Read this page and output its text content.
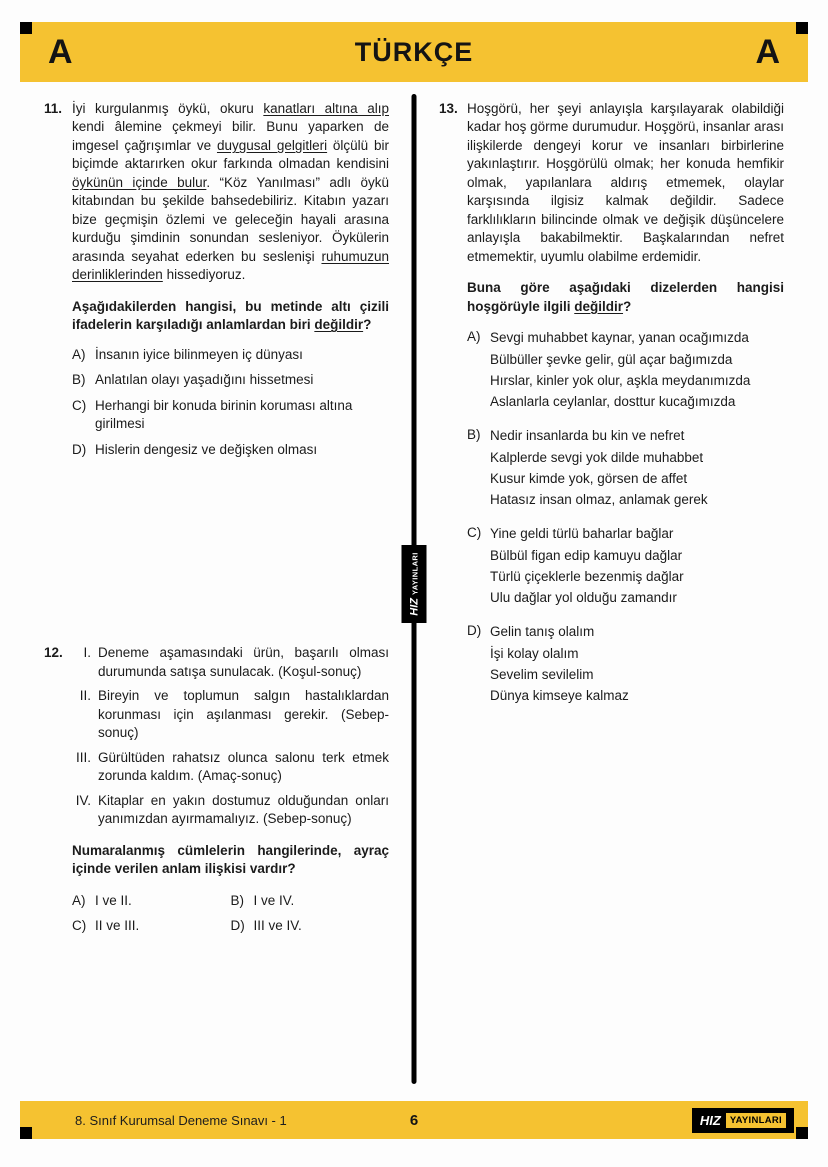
TÜRKÇE
A	A
11. İyi kurgulanmış öykü, okuru kanatları altına alıp kendi âlemine çekmeyi bilir. Bunu yaparken de imgesel çağrışımlar ve duygusal gelgitleri ölçülü bir biçimde aktarırken okur farkında olmadan kendisini öykünün içinde bulur. “Köz Yanılması” adlı öykü kitabından bu şekilde bahsedebiliriz. Kitabın yazarı bize geçmişin özlemi ve geleceğin hayali arasına kurduğu şimdinin sonundan sesleniyor. Öykülerin arasında seyahat ederken bu seslenişi ruhumuzun derinliklerinden hissediyoruz.

Aşağıdakilerden hangisi, bu metinde altı çizili ifadelerin karşıladığı anlamlardan biri değildir?

A) İnsanın iyice bilinmeyen iç dünyası
B) Anlatılan olayı yaşadığını hissetmesi
C) Herhangi bir konuda birinin koruması altına girilmesi
D) Hislerin dengesiz ve değişken olması
12.	I. Deneme aşamasındaki ürün, başarılı olması durumunda satışa sunulacak. (Koşul-sonuç)
II. Bireyin ve toplumun salgın hastalıklardan korunması için aşılanması gerekir. (Sebep-sonuç)
III. Gürültüden rahatsız olunca salonu terk etmek zorunda kaldım. (Amaç-sonuç)
IV. Kitaplar en yakın dostumuz olduğundan onları yanımızdan ayırmamalıyız. (Sebep-sonuç)

Numaralanmış cümlelerin hangilerinde, ayraç içinde verilen anlam ilişkisi vardır?

A) I ve II.	B) I ve IV.
C) II ve III.	D) III ve IV.
HIZ
YAYINLARI
13. Hoşgörü, her şeyi anlayışla karşılayarak olabildiği kadar hoş görme durumudur. Hoşgörü, insanlar arası ilişkilerde dengeyi korur ve insanları birbirlerine yakınlaştırır. Hoşgörülü olmak; her konuda hemfikir olmak, yapılanlara aldırış etmemek, olaylar karşısında ilgisiz kalmak değildir. Sadece farklılıkların bilincinde olmak ve değişik düşüncelere anlayışla bakabilmektir. Başkalarından nefret etmemektir, uyumlu olabilme erdemidir.

Buna göre aşağıdaki dizelerden hangisi hoşgörüyle ilgili değildir?

A) Sevgi muhabbet kaynar, yanan ocağımızda
Bülbüller şevke gelir, gül açar bağımızda
Hırslar, kinler yok olur, aşkla meydanımızda
Aslanlarla ceylanlar, dosttur kucağımızda
B) Nedir insanlarda bu kin ve nefret
Kalplerde sevgi yok dilde muhabbet
Kusur kimde yok, görsen de affet
Hatasız insan olmaz, anlamak gerek
C) Yine geldi türlü baharlar bağlar
Bülbül figan edip kamuyu dağlar
Türlü çiçeklerle bezenmiş dağlar
Ulu dağlar yol olduğu zamandır
D) Gelin tanış olalım
İşi kolay olalım
Sevelim sevilelim
Dünya kimseye kalmaz
6
8. Sınıf Kurumsal Deneme Sınavı - 1	HIZ YAYINLARI
